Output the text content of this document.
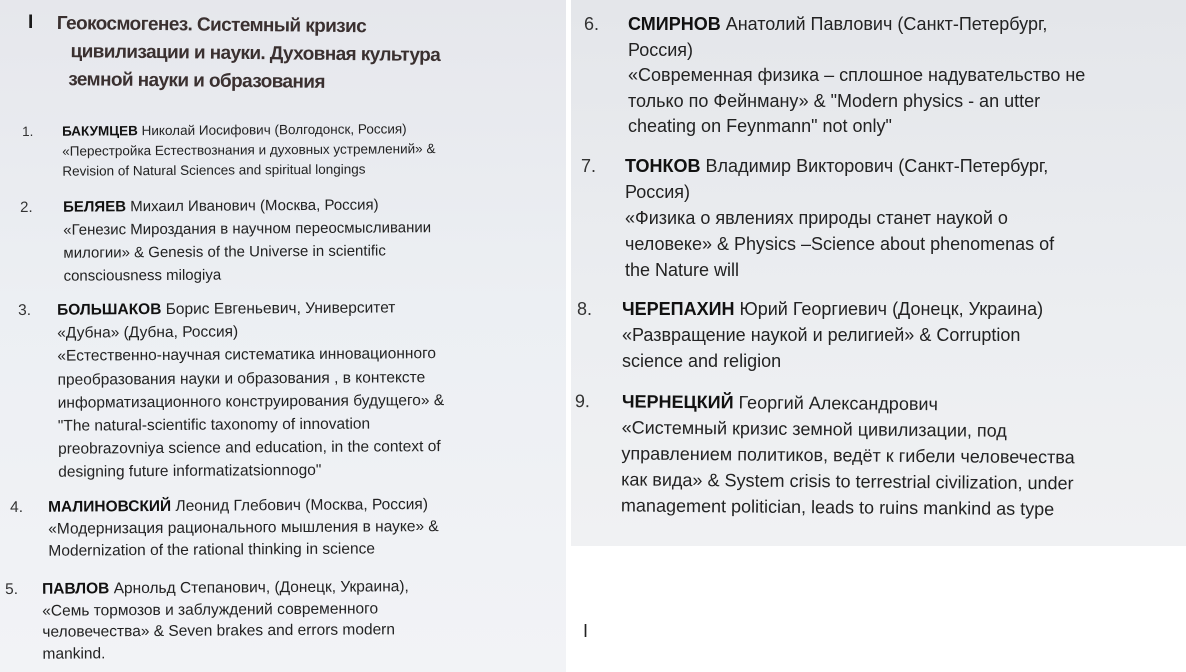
I Геокосмогенез. Системный кризис
цивилизации и науки. Духовная культура
земной науки и образования
1. БАКУМЦЕВ Николай Иосифович (Волгодонск, Россия)
«Перестройка Естествознания и духовных устремлений» &
Revision of Natural Sciences and spiritual longings
2. БЕЛЯЕВ Михаил Иванович (Москва, Россия)
«Генезис Мироздания в научном переосмысливании
милогии» & Genesis of the Universe in scientific
consciousness milogiya
3. БОЛЬШАКОВ Борис Евгеньевич, Университет
«Дубна» (Дубна, Россия)
«Естественно-научная систематика инновационного
преобразования науки и образования , в контексте
информатизационного конструирования будущего» &
"The natural-scientific taxonomy of innovation
preobrazovniya science and education, in the context of
designing future informatizatsionnogo"
4. МАЛИНОВСКИЙ Леонид Глебович (Москва, Россия)
«Модернизация рационального мышления в науке» &
Modernization of the rational thinking in science
5. ПАВЛОВ Арнольд Степанович, (Донецк, Украина),
«Семь тормозов и заблуждений современного
человечества» & Seven brakes and errors modern
mankind.
6. СМИРНОВ Анатолий Павлович (Санкт-Петербург,
Россия)
«Современная физика – сплошное надувательство не
только по Фейнману» & "Modern physics - an utter
cheating on Feynmann" not only"
7. ТОНКОВ Владимир Викторович (Санкт-Петербург,
Россия)
«Физика о явлениях природы станет наукой о
человеке» & Physics –Science about phenomenas of
the Nature will
8. ЧЕРЕПАХИН Юрий Георгиевич (Донецк, Украина)
«Развращение наукой и религией» & Corruption
science and religion
9. ЧЕРНЕЦКИЙ Георгий Александрович
«Системный кризис земной цивилизации, под
управлением политиков, ведёт к гибели человечества
как вида» & System crisis to terrestrial civilization, under
management politician, leads to ruins mankind as type
I
